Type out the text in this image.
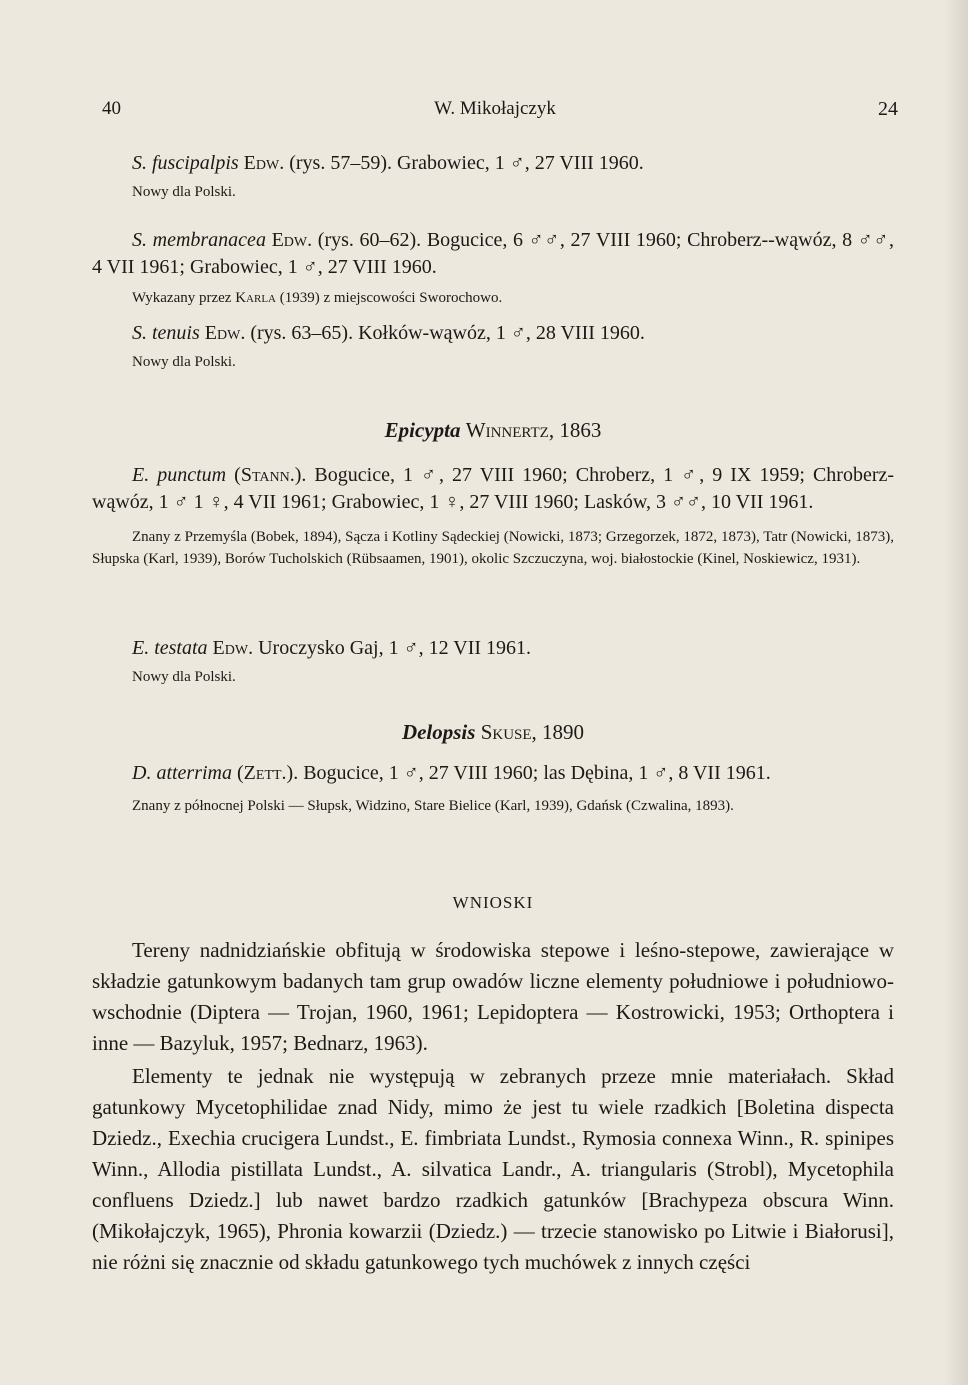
40	W. Mikołajczyk	24

S. fuscipalpis Edw. (rys. 57–59). Grabowiec, 1 ♂, 27 VIII 1960.

Nowy dla Polski.

S. membranacea Edw. (rys. 60–62). Bogucice, 6 ♂♂, 27 VIII 1960; Chroberz--wąwóz, 8 ♂♂, 4 VII 1961; Grabowiec, 1 ♂, 27 VIII 1960.

Wykazany przez Karla (1939) z miejscowości Sworochowo.

S. tenuis Edw. (rys. 63–65). Kołków-wąwóz, 1 ♂, 28 VIII 1960.

Nowy dla Polski.

Epicypta Winnertz, 1863

E. punctum (Stann.). Bogucice, 1 ♂, 27 VIII 1960; Chroberz, 1 ♂, 9 IX 1959; Chroberz-wąwóz, 1 ♂ 1 ♀, 4 VII 1961; Grabowiec, 1 ♀, 27 VIII 1960; Lasków, 3 ♂♂, 10 VII 1961.

Znany z Przemyśla (Bobek, 1894), Sącza i Kotliny Sądeckiej (Nowicki, 1873; Grzegorzek, 1872, 1873), Tatr (Nowicki, 1873), Słupska (Karl, 1939), Borów Tucholskich (Rübsaamen, 1901), okolic Szczuczyna, woj. białostockie (Kinel, Noskiewicz, 1931).

E. testata Edw. Uroczysko Gaj, 1 ♂, 12 VII 1961.

Nowy dla Polski.

Delopsis Skuse, 1890

D. atterrima (Zett.). Bogucice, 1 ♂, 27 VIII 1960; las Dębina, 1 ♂, 8 VII 1961.

Znany z północnej Polski — Słupsk, Widzino, Stare Bielice (Karl, 1939), Gdańsk (Czwalina, 1893).

WNIOSKI

Tereny nadnidziańskie obfitują w środowiska stepowe i leśno-stepowe, zawierające w składzie gatunkowym badanych tam grup owadów liczne elementy południowe i południowo-wschodnie (Diptera — Trojan, 1960, 1961; Lepidoptera — Kostrowicki, 1953; Orthoptera i inne — Bazyluk, 1957; Bednarz, 1963).

Elementy te jednak nie występują w zebranych przeze mnie materiałach. Skład gatunkowy Mycetophilidae znad Nidy, mimo że jest tu wiele rzadkich [Boletina dispecta Dziedz., Exechia crucigera Lundst., E. fimbriata Lundst., Rymosia connexa Winn., R. spinipes Winn., Allodia pistillata Lundst., A. silvatica Landr., A. triangularis (Strobl), Mycetophila confluens Dziedz.] lub nawet bardzo rzadkich gatunków [Brachypeza obscura Winn. (Mikołajczyk, 1965), Phronia kowarzii (Dziedz.) — trzecie stanowisko po Litwie i Białorusi], nie różni się znacznie od składu gatunkowego tych muchówek z innych części
